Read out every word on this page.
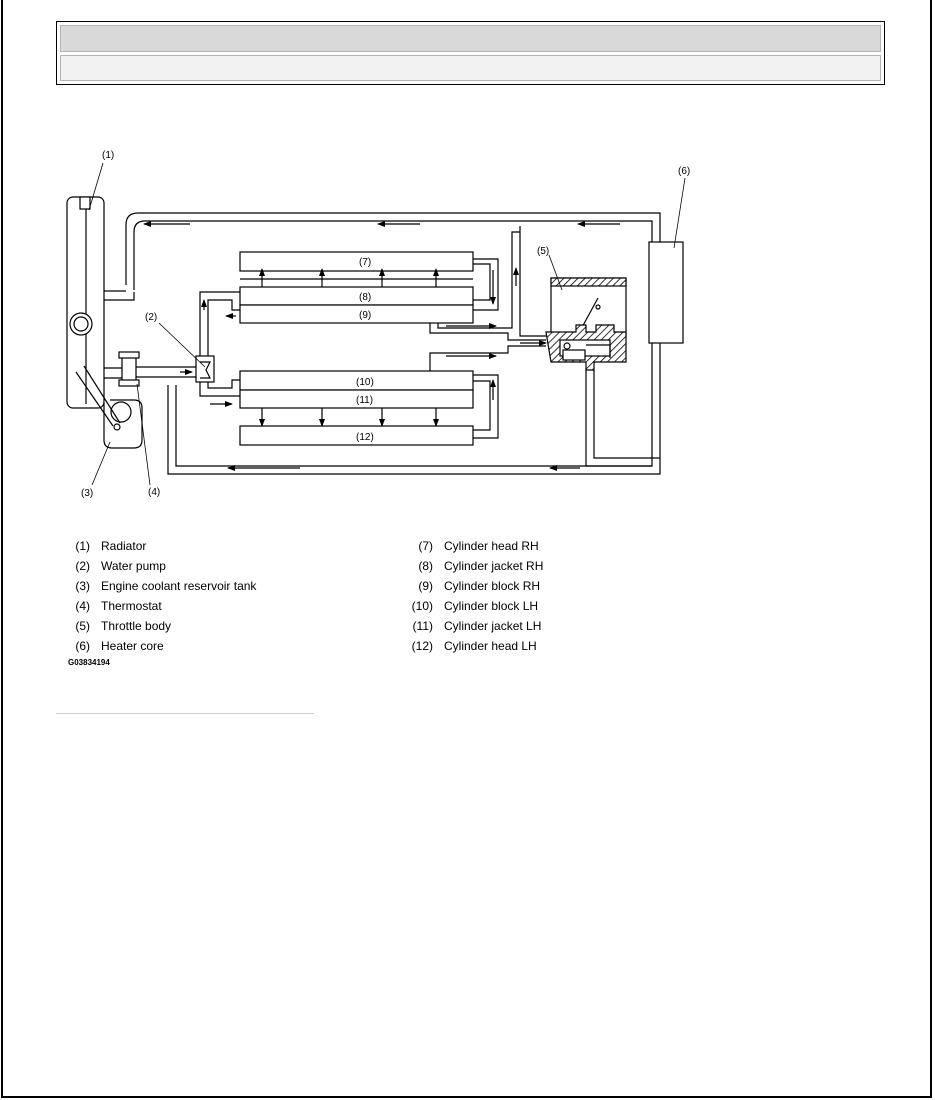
(1)
(2)
(3)	(4)
(5)
(6)
(7)
(8)
(9)
(10)
(11)
(12)
(1) Radiator
(2) Water pump
(3) Engine coolant reservoir tank
(4) Thermostat
(5) Throttle body
(6) Heater core
(7) Cylinder head RH
(8) Cylinder jacket RH
(9) Cylinder block RH
(10) Cylinder block LH
(11) Cylinder jacket LH
(12) Cylinder head LH
G03834194
